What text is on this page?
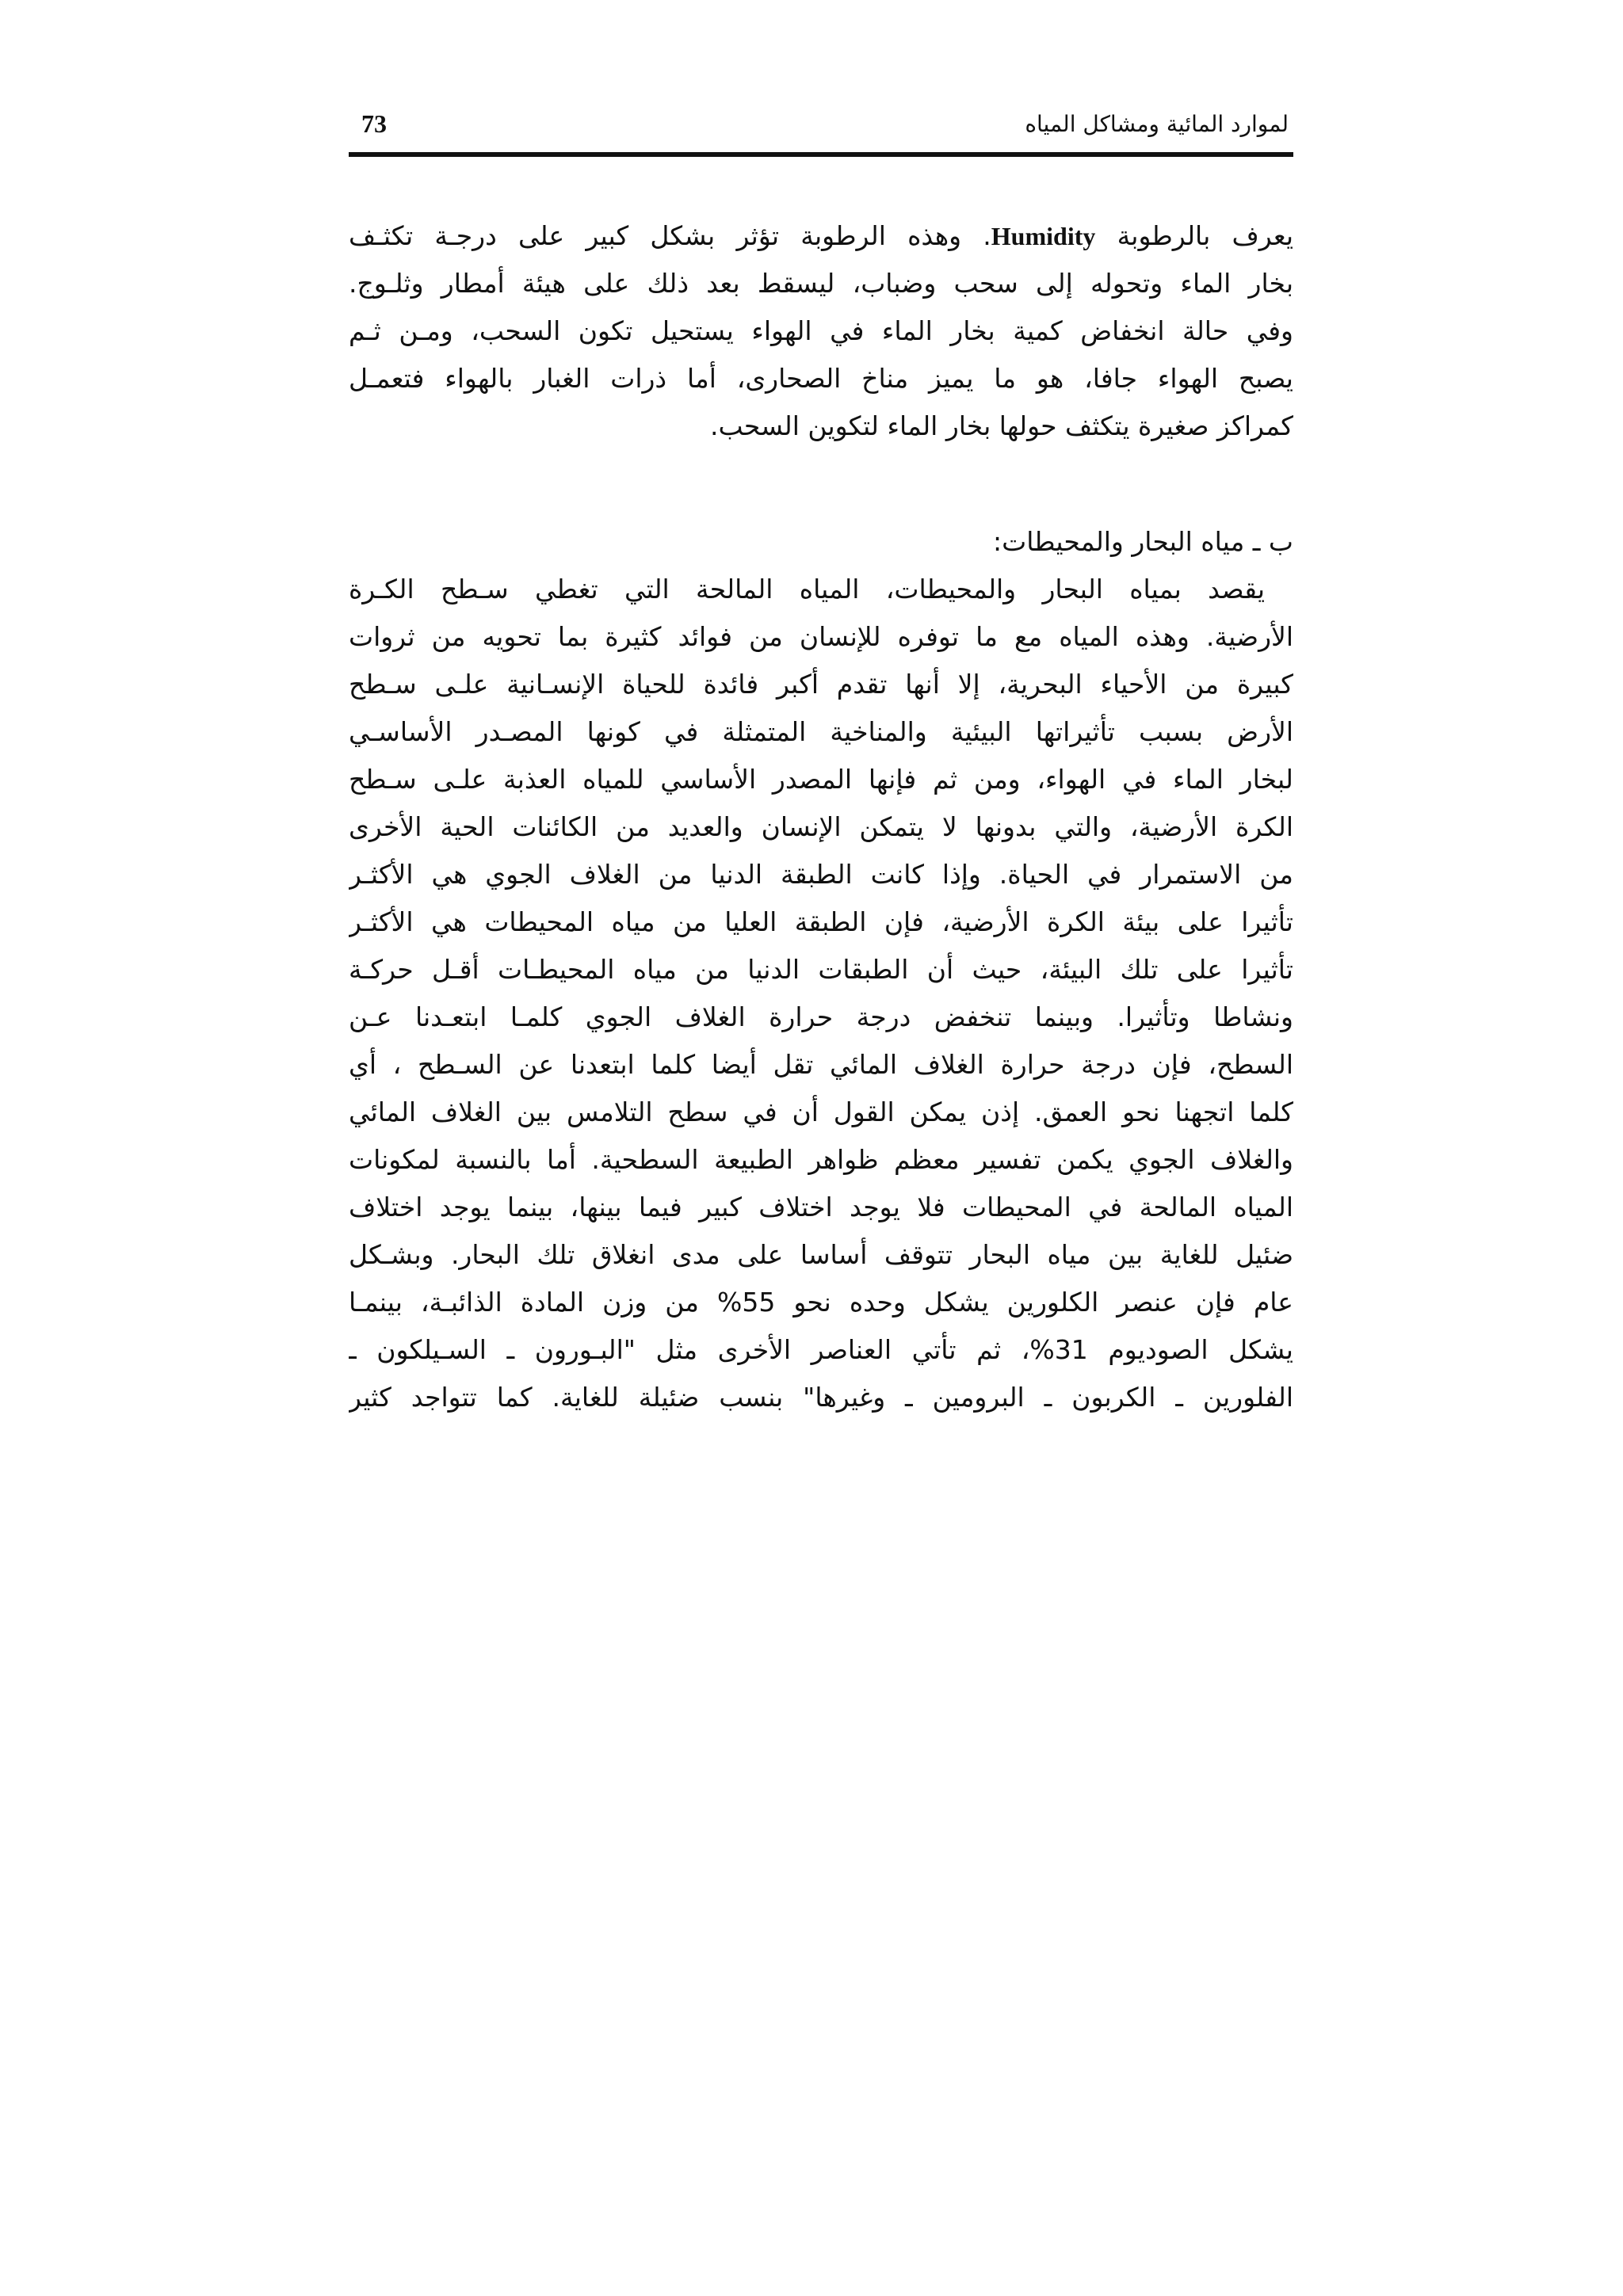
73	لموارد المائية ومشاكل المياه
يعرف بالرطوبة Humidity. وهذه الرطوبة تؤثر بشكل كبير على درجـة تكثـف
بخار الماء وتحوله إلى سحب وضباب، ليسقط بعد ذلك على هيئة أمطار وثلـوج.
وفي حالة انخفاض كمية بخار الماء في الهواء يستحيل تكون السحب، ومـن ثـم
يصبح الهواء جافا، هو ما يميز مناخ الصحارى، أما ذرات الغبار بالهواء فتعمـل
كمراكز صغيرة يتكثف حولها بخار الماء لتكوين السحب.
ب ـ مياه البحار والمحيطات:
يقصد بمياه البحار والمحيطات، المياه المالحة التي تغطي سـطح الكـرة
الأرضية. وهذه المياه مع ما توفره للإنسان من فوائد كثيرة بما تحويه من ثروات
كبيرة من الأحياء البحرية، إلا أنها تقدم أكبر فائدة للحياة الإنسـانية علـى سـطح
الأرض بسبب تأثيراتها البيئية والمناخية المتمثلة في كونها المصـدر الأساسـي
لبخار الماء في الهواء، ومن ثم فإنها المصدر الأساسي للمياه العذبة علـى سـطح
الكرة الأرضية، والتي بدونها لا يتمكن الإنسان والعديد من الكائنات الحية الأخرى
من الاستمرار في الحياة. وإذا كانت الطبقة الدنيا من الغلاف الجوي هي الأكثـر
تأثيرا على بيئة الكرة الأرضية، فإن الطبقة العليا من مياه المحيطات هي الأكثـر
تأثيرا على تلك البيئة، حيث أن الطبقات الدنيا من مياه المحيطـات أقـل حركـة
ونشاطا وتأثيرا. وبينما تنخفض درجة حرارة الغلاف الجوي كلمـا ابتعـدنا عـن
السطح، فإن درجة حرارة الغلاف المائي تقل أيضا كلما ابتعدنا عن السـطح ، أي
كلما اتجهنا نحو العمق. إذن يمكن القول أن في سطح التلامس بين الغلاف المائي
والغلاف الجوي يكمن تفسير معظم ظواهر الطبيعة السطحية. أما بالنسبة لمكونات
المياه المالحة في المحيطات فلا يوجد اختلاف كبير فيما بينها، بينما يوجد اختلاف
ضئيل للغاية بين مياه البحار تتوقف أساسا على مدى انغلاق تلك البحار. وبشـكل
عام فإن عنصر الكلورين يشكل وحده نحو 55% من وزن المادة الذائبـة، بينمـا
يشكل الصوديوم 31%، ثم تأتي العناصر الأخرى مثل "البـورون ـ السـيلكون ـ
الفلورين ـ الكربون ـ البرومين ـ وغيرها" بنسب ضئيلة للغاية. كما تتواجد كثير
